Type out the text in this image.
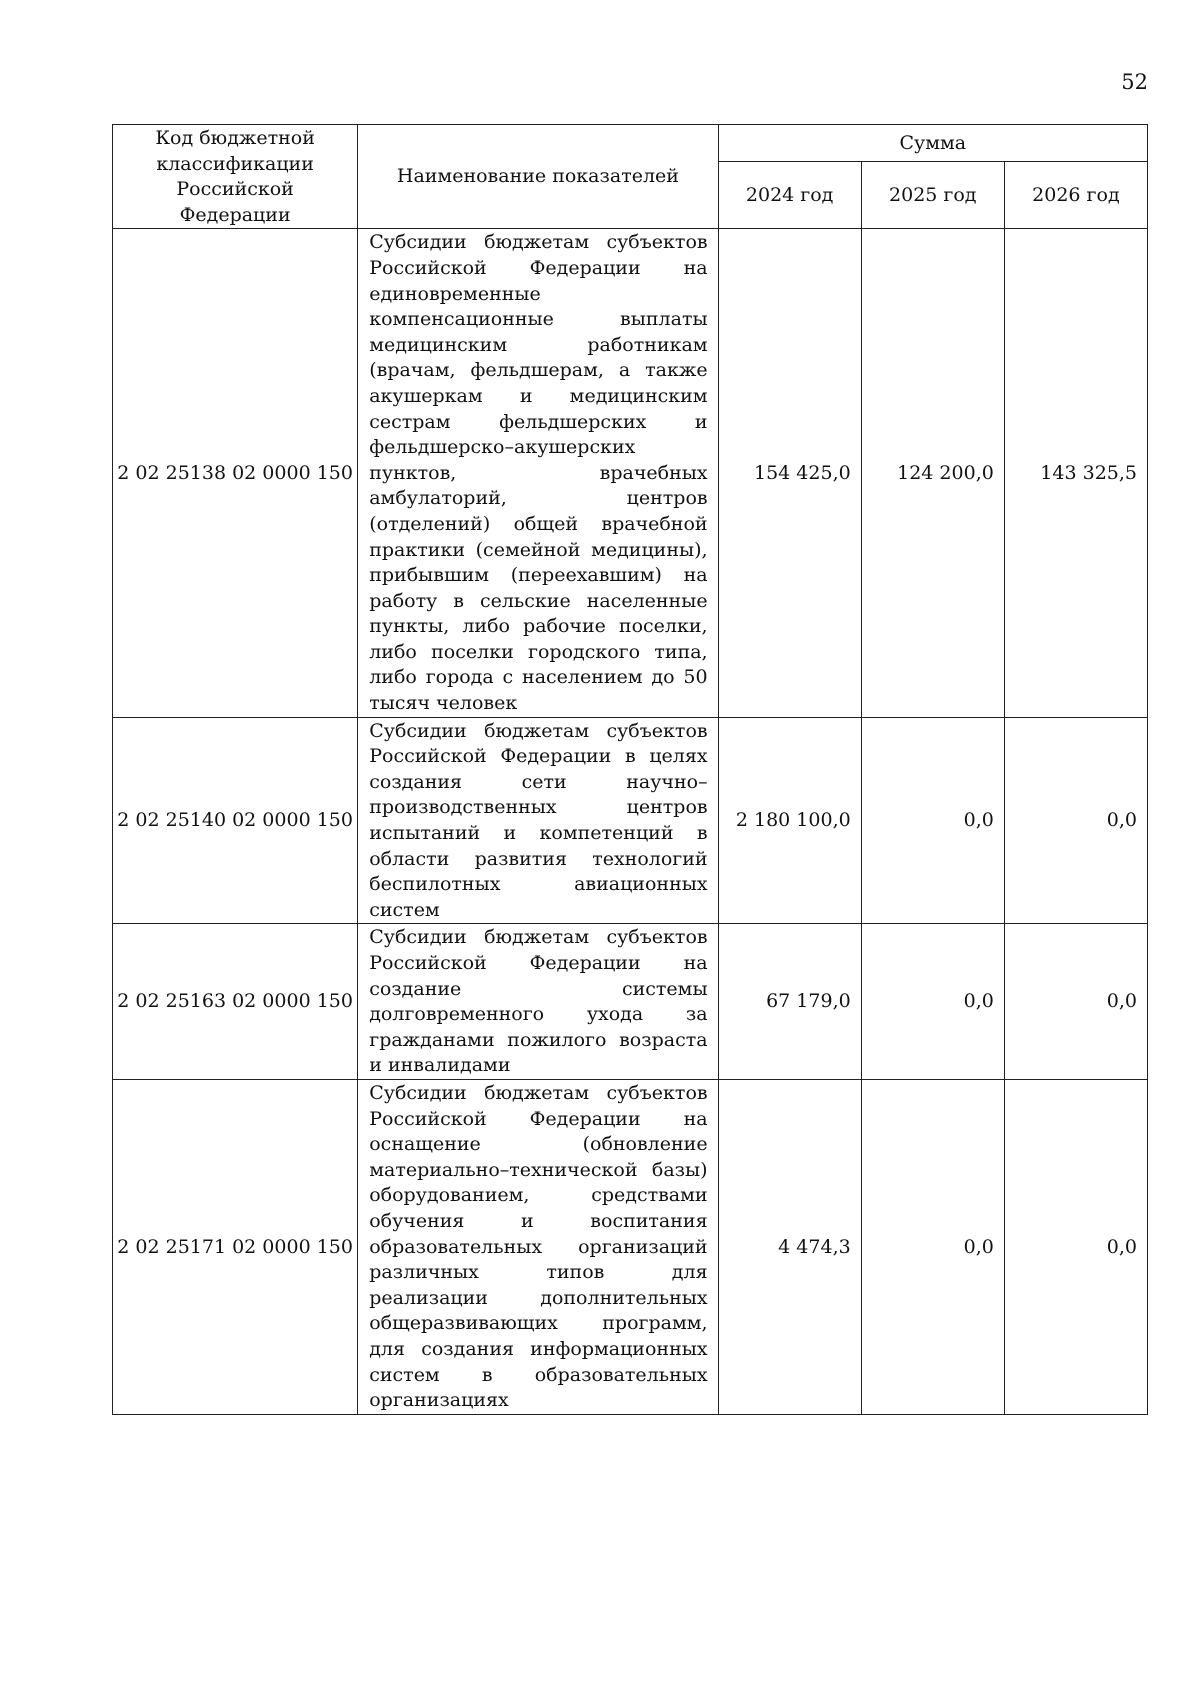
52
Код бюджетной классификации Российской Федерации	Наименование показателей	Сумма		
		2024 год	2025 год	2026 год
2 02 25138 02 0000 150	Субсидии бюджетам субъектов Российской Федерации на единовременные компенсационные выплаты медицинским работникам (врачам, фельдшерам, а также акушеркам и медицинским сестрам фельдшерских и фельдшерско–акушерских пунктов, врачебных амбулаторий, центров (отделений) общей врачебной практики (семейной медицины), прибывшим (переехавшим) на работу в сельские населенные пункты, либо рабочие поселки, либо поселки городского типа, либо города с населением до 50 тысяч человек	154 425,0	124 200,0	143 325,5
2 02 25140 02 0000 150	Субсидии бюджетам субъектов Российской Федерации в целях создания сети научно–производственных центров испытаний и компетенций в области развития технологий беспилотных авиационных систем	2 180 100,0	0,0	0,0
2 02 25163 02 0000 150	Субсидии бюджетам субъектов Российской Федерации на создание системы долговременного ухода за гражданами пожилого возраста и инвалидами	67 179,0	0,0	0,0
2 02 25171 02 0000 150	Субсидии бюджетам субъектов Российской Федерации на оснащение (обновление материально–технической базы) оборудованием, средствами обучения и воспитания образовательных организаций различных типов для реализации дополнительных общеразвивающих программ, для создания информационных систем в образовательных организациях	4 474,3	0,0	0,0
